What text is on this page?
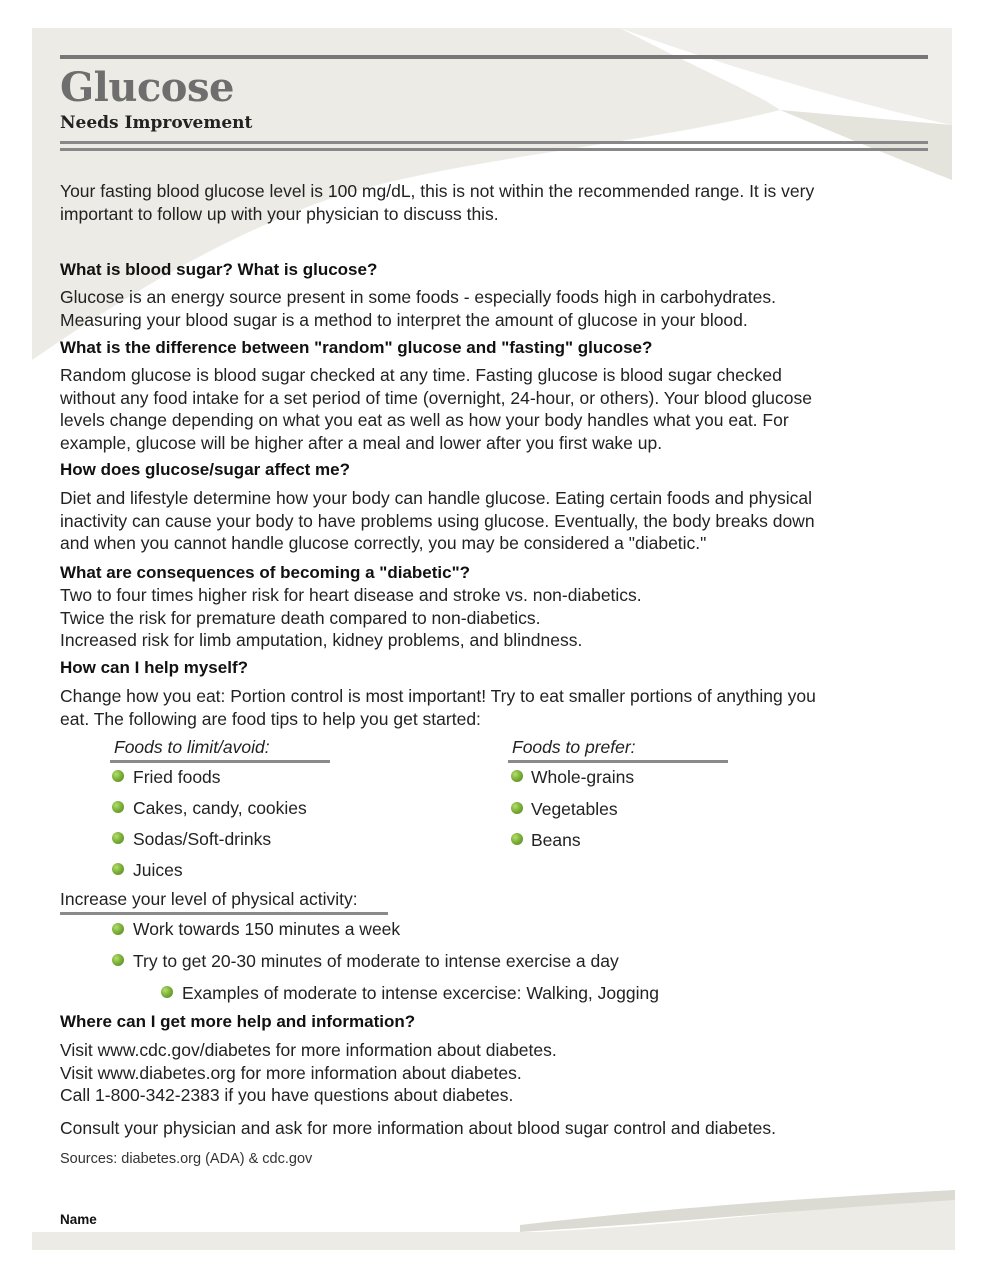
Glucose
Needs Improvement
Your fasting blood glucose level is 100 mg/dL, this is not within the recommended range. It is very
important to follow up with your physician to discuss this.
What is blood sugar? What is glucose?
Glucose is an energy source present in some foods - especially foods high in carbohydrates.
Measuring your blood sugar is a method to interpret the amount of glucose in your blood.
What is the difference between "random" glucose and "fasting" glucose?
Random glucose is blood sugar checked at any time. Fasting glucose is blood sugar checked
without any food intake for a set period of time (overnight, 24-hour, or others). Your blood glucose
levels change depending on what you eat as well as how your body handles what you eat. For
example, glucose will be higher after a meal and lower after you first wake up.
How does glucose/sugar affect me?
Diet and lifestyle determine how your body can handle glucose. Eating certain foods and physical
inactivity can cause your body to have problems using glucose. Eventually, the body breaks down
and when you cannot handle glucose correctly, you may be considered a "diabetic."
What are consequences of becoming a "diabetic"?
Two to four times higher risk for heart disease and stroke vs. non-diabetics.
Twice the risk for premature death compared to non-diabetics.
Increased risk for limb amputation, kidney problems, and blindness.
How can I help myself?
Change how you eat: Portion control is most important! Try to eat smaller portions of anything you
eat. The following are food tips to help you get started:
Foods to limit/avoid:
Fried foods
Cakes, candy, cookies
Sodas/Soft-drinks
Juices
Foods to prefer:
Whole-grains
Vegetables
Beans
Increase your level of physical activity:
Work towards 150 minutes a week
Try to get 20-30 minutes of moderate to intense exercise a day
Examples of moderate to intense excercise: Walking, Jogging
Where can I get more help and information?
Visit www.cdc.gov/diabetes for more information about diabetes.
Visit www.diabetes.org for more information about diabetes.
Call 1-800-342-2383 if you have questions about diabetes.
Consult your physician and ask for more information about blood sugar control and diabetes.
Sources: diabetes.org (ADA) & cdc.gov
Name
